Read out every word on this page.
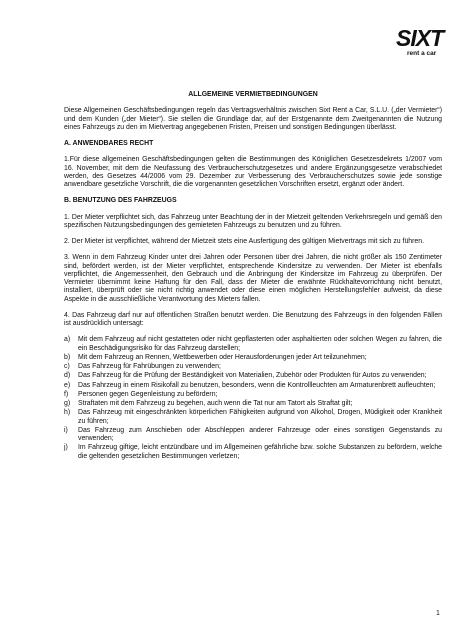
SIXT
rent a car
ALLGEMEINE VERMIETBEDINGUNGEN

Diese Allgemeinen Geschäftsbedingungen regeln das Vertragsverhältnis zwischen Sixt Rent a Car, S.L.U. („der Vermieter“) und dem Kunden („der Mieter“). Sie stellen die Grundlage dar, auf der Erstgenannte dem Zweitgenannten die Nutzung eines Fahrzeugs zu den im Mietvertrag angegebenen Fristen, Preisen und sonstigen Bedingungen überlässt.

A. ANWENDBARES RECHT

1.Für diese allgemeinen Geschäftsbedingungen gelten die Bestimmungen des Königlichen Gesetzesdekrets 1/2007 vom 16. November, mit dem die Neufassung des Verbraucherschutzgesetzes und andere Ergänzungsgesetze verabschiedet werden, des Gesetzes 44/2006 vom 29. Dezember zur Verbesserung des Verbraucherschutzes sowie jede sonstige anwendbare gesetzliche Vorschrift, die die vorgenannten gesetzlichen Vorschriften ersetzt, ergänzt oder ändert.

B. BENUTZUNG DES FAHRZEUGS

1. Der Mieter verpflichtet sich, das Fahrzeug unter Beachtung der in der Mietzeit geltenden Verkehrsregeln und gemäß den spezifischen Nutzungsbedingungen des gemieteten Fahrzeugs zu benutzen und zu führen.

2. Der Mieter ist verpflichtet, während der Mietzeit stets eine Ausfertigung des gültigen Mietvertrags mit sich zu führen.

3. Wenn in dem Fahrzeug Kinder unter drei Jahren oder Personen über drei Jahren, die nicht größer als 150 Zentimeter sind, befördert werden, ist der Mieter verpflichtet, entsprechende Kindersitze zu verwenden. Der Mieter ist ebenfalls verpflichtet, die Angemessenheit, den Gebrauch und die Anbringung der Kindersitze im Fahrzeug zu überprüfen. Der Vermieter übernimmt keine Haftung für den Fall, dass der Mieter die erwähnte Rückhaltevorrichtung nicht benutzt, installiert, überprüft oder sie nicht richtig anwendet oder diese einen möglichen Herstellungsfehler aufweist, da diese Aspekte in die ausschließliche Verantwortung des Mieters fallen.

4. Das Fahrzeug darf nur auf öffentlichen Straßen benutzt werden. Die Benutzung des Fahrzeugs in den folgenden Fällen ist ausdrücklich untersagt:

a)	Mit dem Fahrzeug auf nicht gestatteten oder nicht gepflasterten oder asphaltierten oder solchen Wegen zu fahren, die ein Beschädigungsrisiko für das Fahrzeug darstellen;
b)	Mit dem Fahrzeug an Rennen, Wettbewerben oder Herausforderungen jeder Art teilzunehmen;
c)	Das Fahrzeug für Fahrübungen zu verwenden;
d)	Das Fahrzeug für die Prüfung der Beständigkeit von Materialien, Zubehör oder Produkten für Autos zu verwenden;
e)	Das Fahrzeug in einem Risikofall zu benutzen, besonders, wenn die Kontrollleuchten am Armaturenbrett aufleuchten;
f)	Personen gegen Gegenleistung zu befördern;
g)	Straftaten mit dem Fahrzeug zu begehen, auch wenn die Tat nur am Tatort als Straftat gilt;
h)	Das Fahrzeug mit eingeschränkten körperlichen Fähigkeiten aufgrund von Alkohol, Drogen, Müdigkeit oder Krankheit zu führen;
i)	Das Fahrzeug zum Anschieben oder Abschleppen anderer Fahrzeuge oder eines sonstigen Gegenstands zu verwenden;
j)	Im Fahrzeug giftige, leicht entzündbare und im Allgemeinen gefährliche bzw. solche Substanzen zu befördern, welche die geltenden gesetzlichen Bestimmungen verletzen;
1
